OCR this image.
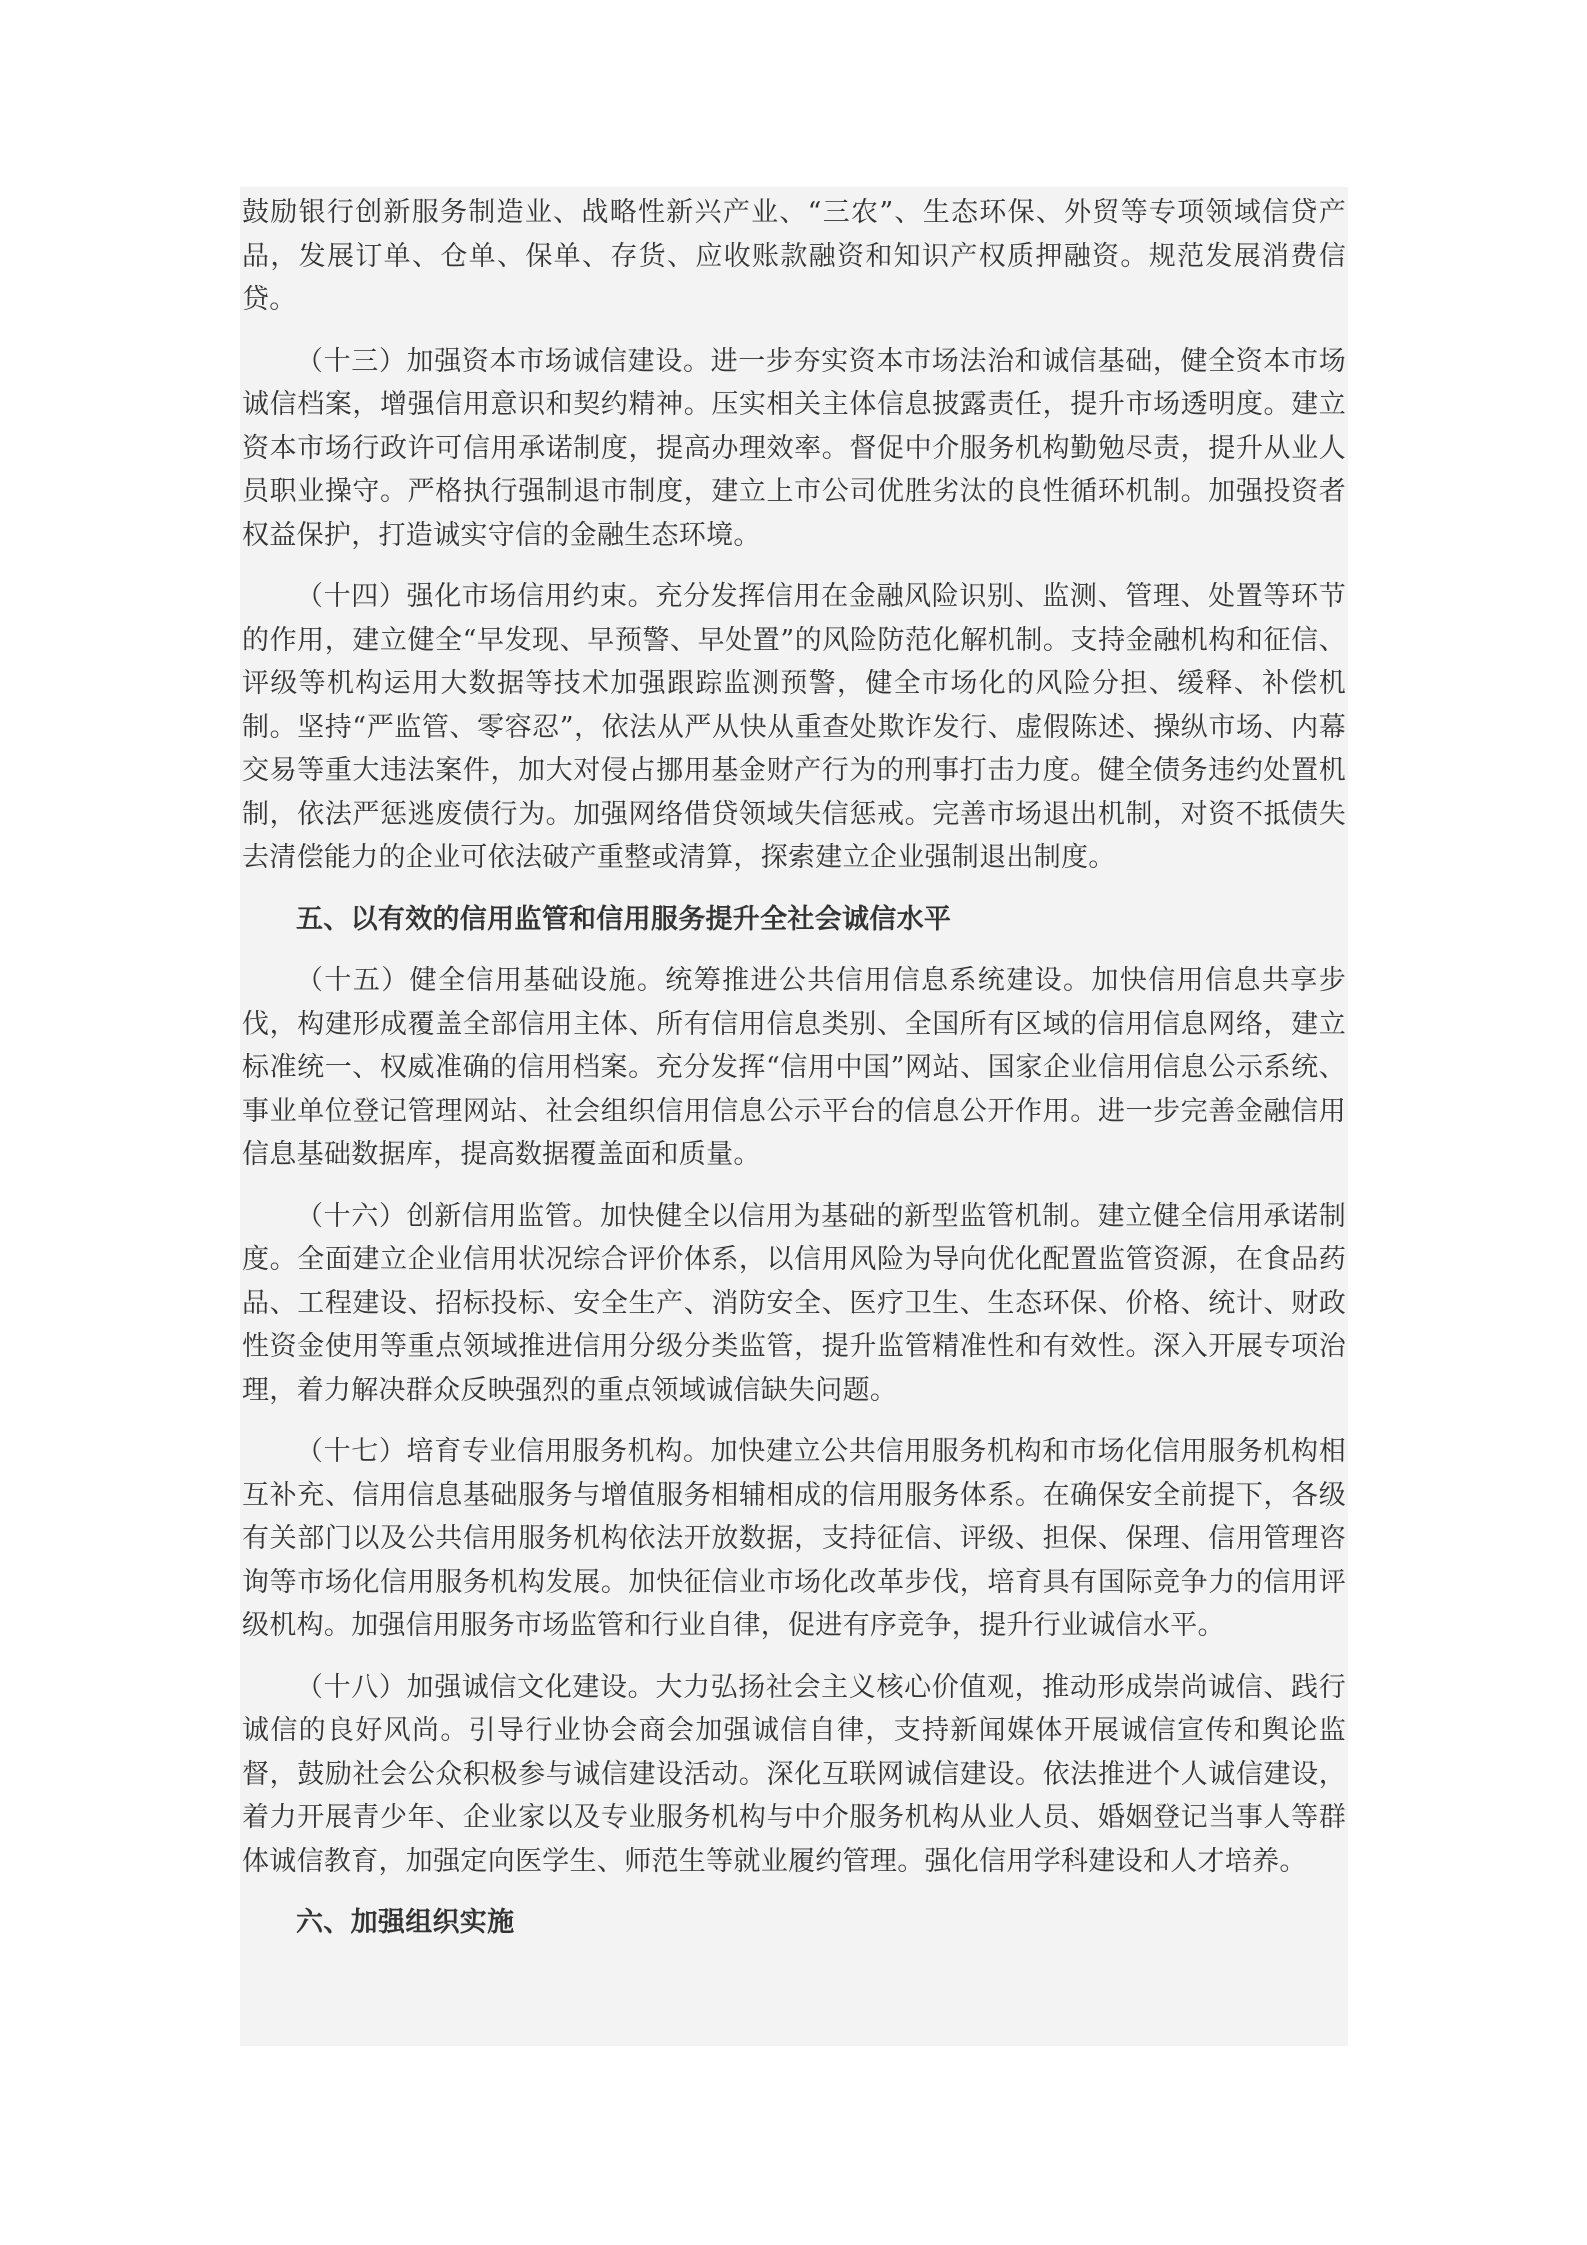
鼓励银行创新服务制造业、战略性新兴产业、“三农”、生态环保、外贸等专项领域信贷产品，发展订单、仓单、保单、存货、应收账款融资和知识产权质押融资。规范发展消费信贷。

（十三）加强资本市场诚信建设。进一步夯实资本市场法治和诚信基础，健全资本市场诚信档案，增强信用意识和契约精神。压实相关主体信息披露责任，提升市场透明度。建立资本市场行政许可信用承诺制度，提高办理效率。督促中介服务机构勤勉尽责，提升从业人员职业操守。严格执行强制退市制度，建立上市公司优胜劣汰的良性循环机制。加强投资者权益保护，打造诚实守信的金融生态环境。

（十四）强化市场信用约束。充分发挥信用在金融风险识别、监测、管理、处置等环节的作用，建立健全“早发现、早预警、早处置”的风险防范化解机制。支持金融机构和征信、评级等机构运用大数据等技术加强跟踪监测预警，健全市场化的风险分担、缓释、补偿机制。坚持“严监管、零容忍”，依法从严从快从重查处欺诈发行、虚假陈述、操纵市场、内幕交易等重大违法案件，加大对侵占挪用基金财产行为的刑事打击力度。健全债务违约处置机制，依法严惩逃废债行为。加强网络借贷领域失信惩戒。完善市场退出机制，对资不抵债失去清偿能力的企业可依法破产重整或清算，探索建立企业强制退出制度。

五、以有效的信用监管和信用服务提升全社会诚信水平

（十五）健全信用基础设施。统筹推进公共信用信息系统建设。加快信用信息共享步伐，构建形成覆盖全部信用主体、所有信用信息类别、全国所有区域的信用信息网络，建立标准统一、权威准确的信用档案。充分发挥“信用中国”网站、国家企业信用信息公示系统、事业单位登记管理网站、社会组织信用信息公示平台的信息公开作用。进一步完善金融信用信息基础数据库，提高数据覆盖面和质量。

（十六）创新信用监管。加快健全以信用为基础的新型监管机制。建立健全信用承诺制度。全面建立企业信用状况综合评价体系，以信用风险为导向优化配置监管资源，在食品药品、工程建设、招标投标、安全生产、消防安全、医疗卫生、生态环保、价格、统计、财政性资金使用等重点领域推进信用分级分类监管，提升监管精准性和有效性。深入开展专项治理，着力解决群众反映强烈的重点领域诚信缺失问题。

（十七）培育专业信用服务机构。加快建立公共信用服务机构和市场化信用服务机构相互补充、信用信息基础服务与增值服务相辅相成的信用服务体系。在确保安全前提下，各级有关部门以及公共信用服务机构依法开放数据，支持征信、评级、担保、保理、信用管理咨询等市场化信用服务机构发展。加快征信业市场化改革步伐，培育具有国际竞争力的信用评级机构。加强信用服务市场监管和行业自律，促进有序竞争，提升行业诚信水平。

（十八）加强诚信文化建设。大力弘扬社会主义核心价值观，推动形成崇尚诚信、践行诚信的良好风尚。引导行业协会商会加强诚信自律，支持新闻媒体开展诚信宣传和舆论监督，鼓励社会公众积极参与诚信建设活动。深化互联网诚信建设。依法推进个人诚信建设，着力开展青少年、企业家以及专业服务机构与中介服务机构从业人员、婚姻登记当事人等群体诚信教育，加强定向医学生、师范生等就业履约管理。强化信用学科建设和人才培养。

六、加强组织实施
